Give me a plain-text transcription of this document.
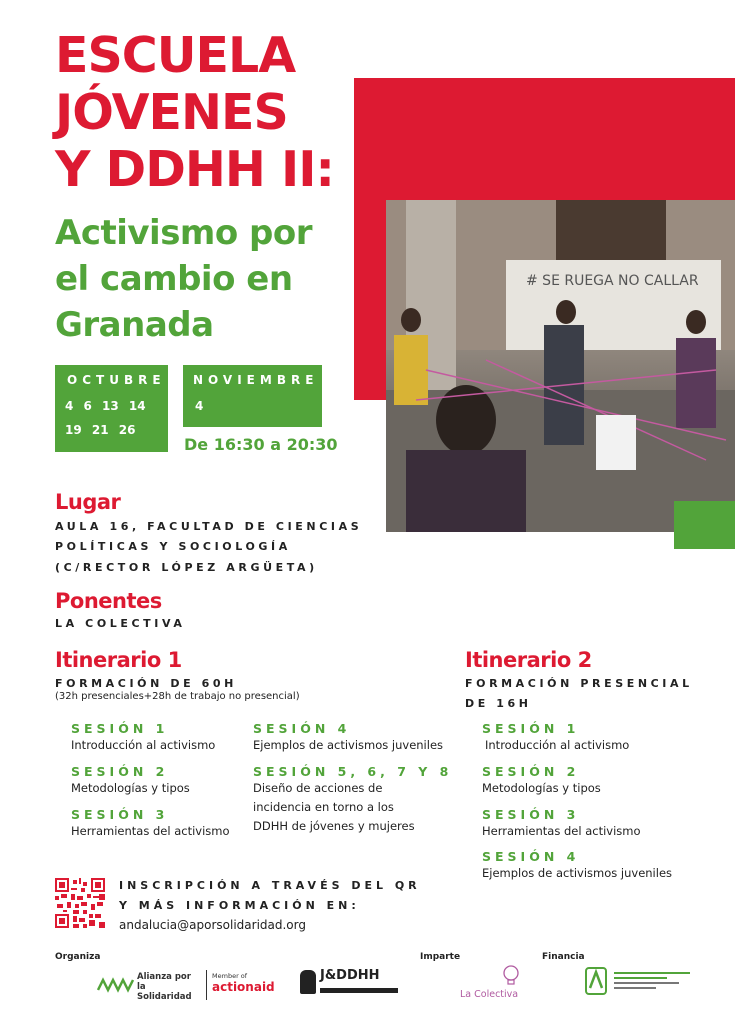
# SE RUEGA NO CALLAR
ESCUELA
JÓVENES
Y DDHH II:
Activismo por
el cambio en
Granada
OCTUBRE
4 6 13 14
19 21 26
NOVIEMBRE
4
De 16:30 a 20:30
Lugar
AULA 16, FACULTAD DE CIENCIAS
POLÍTICAS Y SOCIOLOGÍA
(C/RECTOR LÓPEZ ARGÜETA)
Ponentes
LA COLECTIVA
Itinerario 1
FORMACIÓN DE 60H
(32h presenciales+28h de trabajo no presencial)
SESIÓN 1
Introducción al activismo
SESIÓN 2
Metodologías y tipos
SESIÓN 3
Herramientas del activismo
SESIÓN 4
Ejemplos de activismos juveniles
SESIÓN 5, 6, 7 Y 8
Diseño de acciones de
incidencia en torno a los
DDHH de jóvenes y mujeres
Itinerario 2
FORMACIÓN PRESENCIAL
DE 16H
SESIÓN 1
Introducción al activismo
SESIÓN 2
Metodologías y tipos
SESIÓN 3
Herramientas del activismo
SESIÓN 4
Ejemplos de activismos juveniles
INSCRIPCIÓN A TRAVÉS DEL QR
Y MÁS INFORMACIÓN EN:
andalucia@aporsolidaridad.org
Organiza	Imparte	Financia
Alianza por la Solidaridad
Member of
actionaid
J&DDHH
La Colectiva
